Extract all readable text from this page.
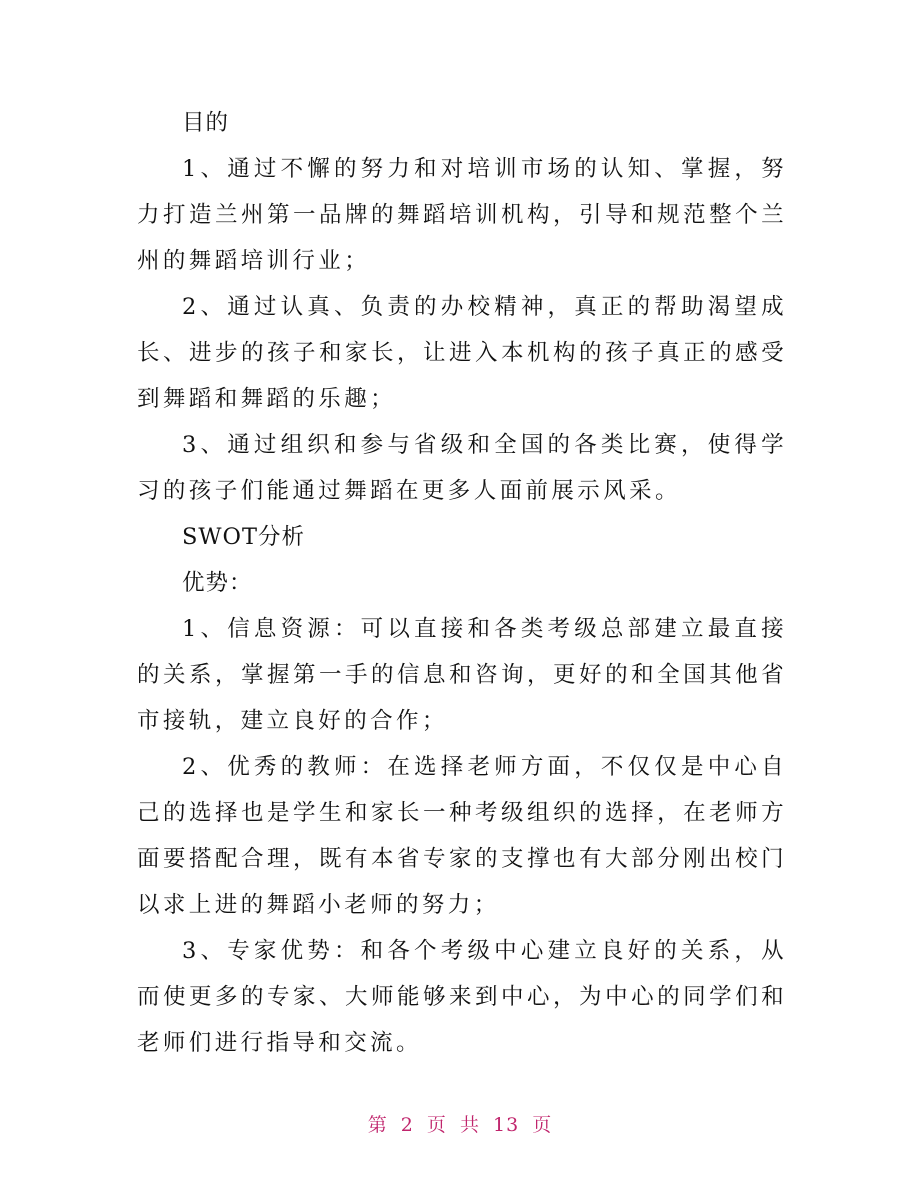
目的

1、通过不懈的努力和对培训市场的认知、掌握，努力打造兰州第一品牌的舞蹈培训机构，引导和规范整个兰州的舞蹈培训行业；

2、通过认真、负责的办校精神，真正的帮助渴望成长、进步的孩子和家长，让进入本机构的孩子真正的感受到舞蹈和舞蹈的乐趣；

3、通过组织和参与省级和全国的各类比赛，使得学习的孩子们能通过舞蹈在更多人面前展示风采。

SWOT分析

优势：

1、信息资源：可以直接和各类考级总部建立最直接的关系，掌握第一手的信息和咨询，更好的和全国其他省市接轨，建立良好的合作；

2、优秀的教师：在选择老师方面，不仅仅是中心自己的选择也是学生和家长一种考级组织的选择，在老师方面要搭配合理，既有本省专家的支撑也有大部分刚出校门以求上进的舞蹈小老师的努力；

3、专家优势：和各个考级中心建立良好的关系，从而使更多的专家、大师能够来到中心，为中心的同学们和老师们进行指导和交流。

第 2 页 共 13 页
